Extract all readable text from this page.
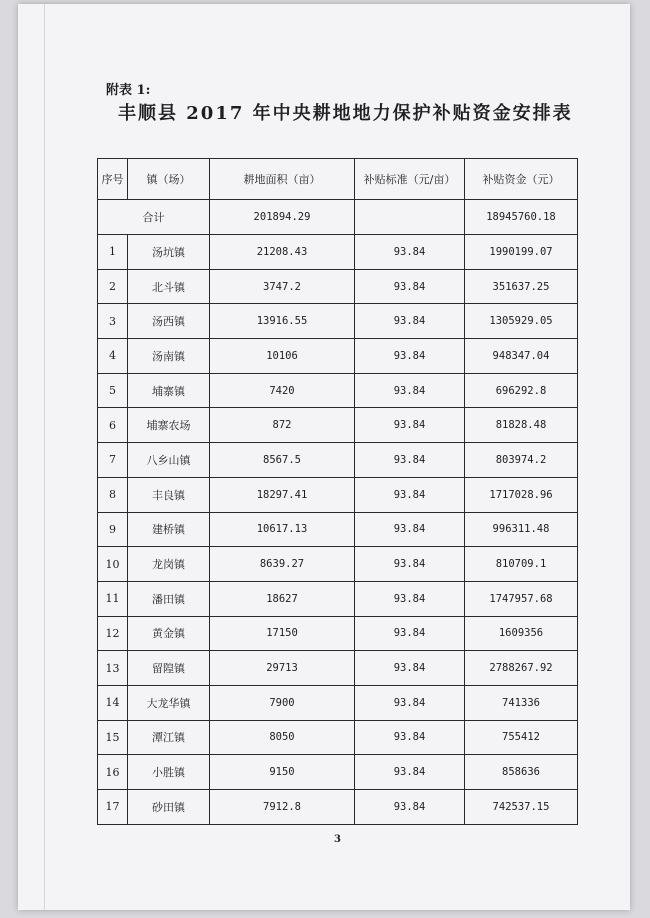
附表 1:
丰顺县 2017 年中央耕地地力保护补贴资金安排表
序号	镇（场）	耕地面积（亩）	补贴标准（元/亩）	补贴资金（元）
合计		201894.29		18945760.18
1	汤坑镇	21208.43	93.84	1990199.07
2	北斗镇	3747.2	93.84	351637.25
3	汤西镇	13916.55	93.84	1305929.05
4	汤南镇	10106	93.84	948347.04
5	埔寨镇	7420	93.84	696292.8
6	埔寨农场	872	93.84	81828.48
7	八乡山镇	8567.5	93.84	803974.2
8	丰良镇	18297.41	93.84	1717028.96
9	建桥镇	10617.13	93.84	996311.48
10	龙岗镇	8639.27	93.84	810709.1
11	潘田镇	18627	93.84	1747957.68
12	黄金镇	17150	93.84	1609356
13	留隍镇	29713	93.84	2788267.92
14	大龙华镇	7900	93.84	741336
15	潭江镇	8050	93.84	755412
16	小胜镇	9150	93.84	858636
17	砂田镇	7912.8	93.84	742537.15
3
